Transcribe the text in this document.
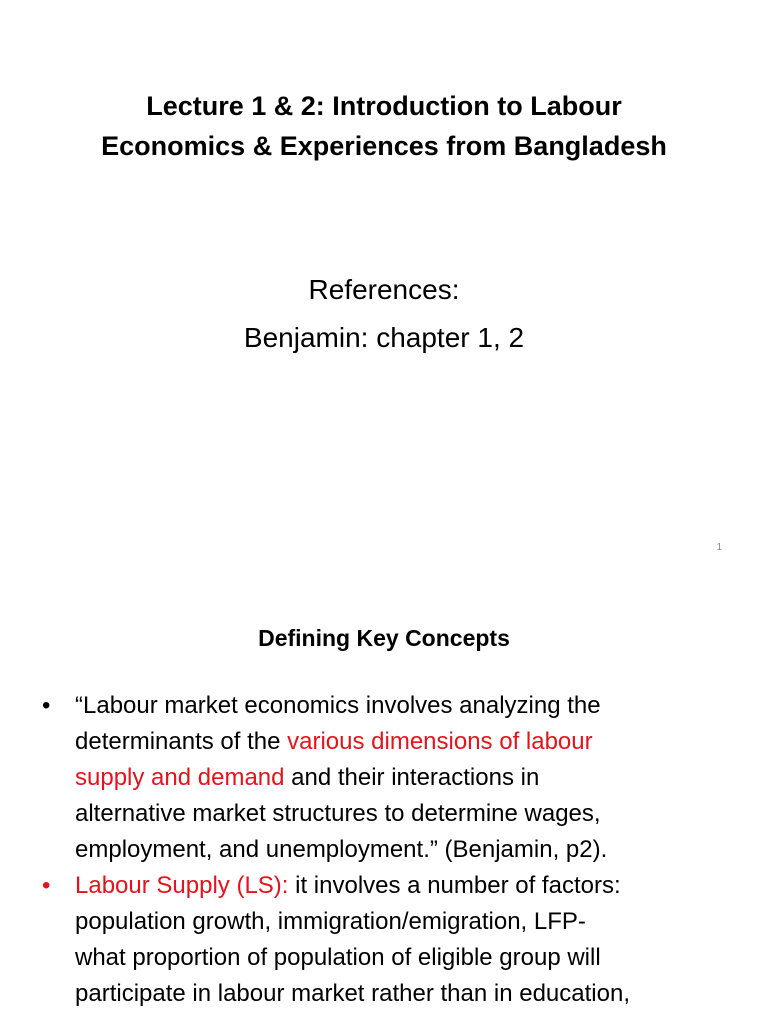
Lecture 1 & 2: Introduction to Labour
Economics & Experiences from Bangladesh
References:
Benjamin: chapter 1, 2
1
Defining Key Concepts
• “Labour market economics involves analyzing the
determinants of the various dimensions of labour
supply and demand and their interactions in
alternative market structures to determine wages,
employment, and unemployment.” (Benjamin, p2).
• Labour Supply (LS): it involves a number of factors:
population growth, immigration/emigration, LFP-
what proportion of population of eligible group will
participate in labour market rather than in education,
